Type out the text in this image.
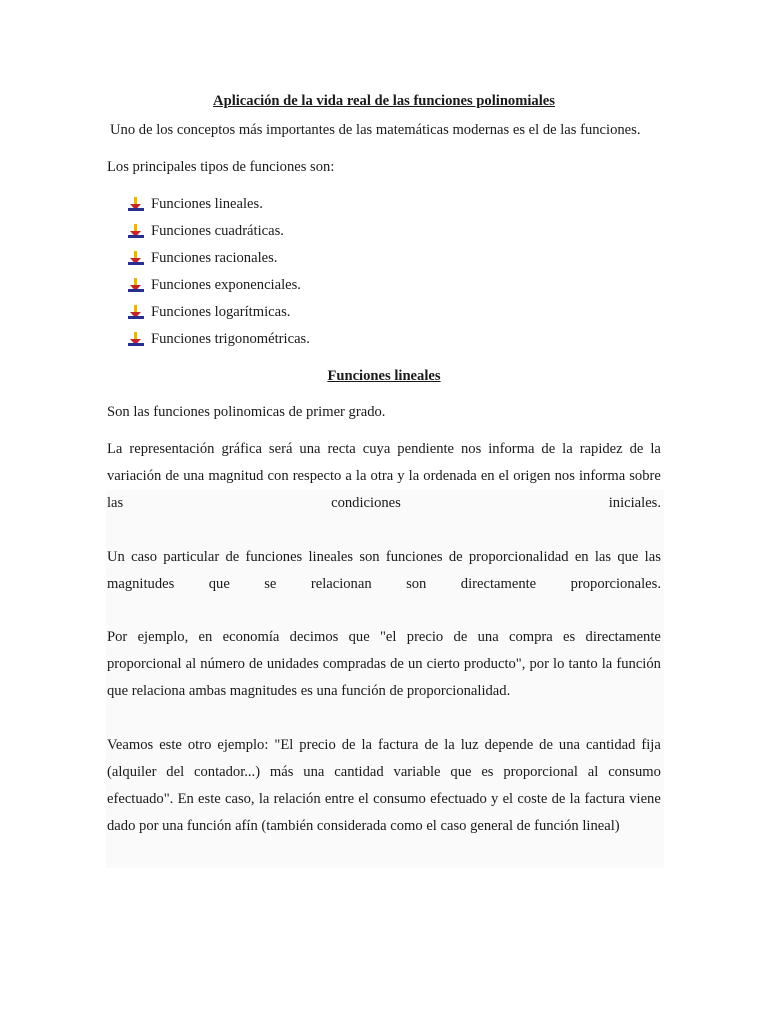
Aplicación de la vida real de las funciones polinomiales
Uno de los conceptos más importantes de las matemáticas modernas es el de las funciones.
Los principales tipos de funciones son:
Funciones lineales.
Funciones cuadráticas.
Funciones racionales.
Funciones exponenciales.
Funciones logarítmicas.
Funciones trigonométricas.
Funciones lineales
Son las funciones polinomicas de primer grado.
La representación gráfica será una recta cuya pendiente nos informa de la rapidez de la
variación de una magnitud con respecto a la otra y la ordenada en el origen nos informa sobre
las	condiciones	iniciales.
Un caso particular de funciones lineales son funciones de proporcionalidad en las que las
magnitudes que se relacionan son directamente proporcionales.
Por ejemplo, en economía decimos que "el precio de una compra es directamente
proporcional al número de unidades compradas de un cierto producto", por lo tanto la función
que relaciona ambas magnitudes es una función de proporcionalidad.
Veamos este otro ejemplo: "El precio de la factura de la luz depende de una cantidad fija
(alquiler del contador...) más una cantidad variable que es proporcional al consumo
efectuado". En este caso, la relación entre el consumo efectuado y el coste de la factura viene
dado por una función afín (también considerada como el caso general de función lineal)
